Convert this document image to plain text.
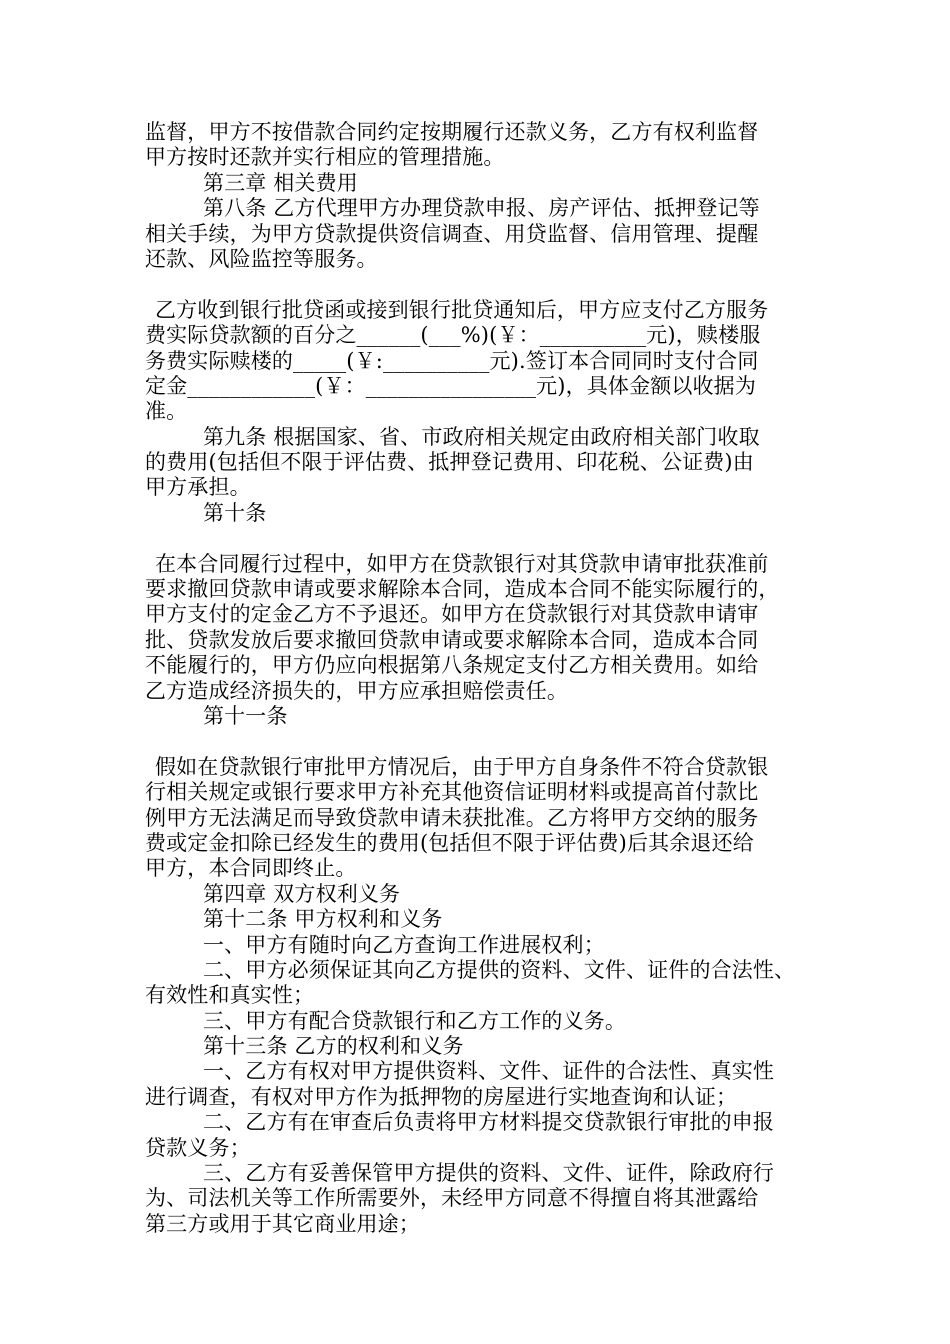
监督，甲方不按借款合同约定按期履行还款义务，乙方有权利监督
甲方按时还款并实行相应的管理措施。
第三章 相关费用
第八条 乙方代理甲方办理贷款申报、房产评估、抵押登记等
相关手续，为甲方贷款提供资信调查、用贷监督、信用管理、提醒
还款、风险监控等服务。
乙方收到银行批贷函或接到银行批贷通知后，甲方应支付乙方服务
费实际贷款额的百分之______(___%)(￥：__________元)，赎楼服
务费实际赎楼的_____(￥:__________元).签订本合同同时支付合同
定金____________(￥：________________元)，具体金额以收据为
准。
第九条 根据国家、省、市政府相关规定由政府相关部门收取
的费用(包括但不限于评估费、抵押登记费用、印花税、公证费)由
甲方承担。
第十条
在本合同履行过程中，如甲方在贷款银行对其贷款申请审批获准前
要求撤回贷款申请或要求解除本合同，造成本合同不能实际履行的，
甲方支付的定金乙方不予退还。如甲方在贷款银行对其贷款申请审
批、贷款发放后要求撤回贷款申请或要求解除本合同，造成本合同
不能履行的，甲方仍应向根据第八条规定支付乙方相关费用。如给
乙方造成经济损失的，甲方应承担赔偿责任。
第十一条
假如在贷款银行审批甲方情况后，由于甲方自身条件不符合贷款银
行相关规定或银行要求甲方补充其他资信证明材料或提高首付款比
例甲方无法满足而导致贷款申请未获批准。乙方将甲方交纳的服务
费或定金扣除已经发生的费用(包括但不限于评估费)后其余退还给
甲方，本合同即终止。
第四章 双方权利义务
第十二条 甲方权利和义务
一、甲方有随时向乙方查询工作进展权利；
二、甲方必须保证其向乙方提供的资料、文件、证件的合法性、
有效性和真实性；
三、甲方有配合贷款银行和乙方工作的义务。
第十三条 乙方的权利和义务
一、乙方有权对甲方提供资料、文件、证件的合法性、真实性
进行调查，有权对甲方作为抵押物的房屋进行实地查询和认证；
二、乙方有在审查后负责将甲方材料提交贷款银行审批的申报
贷款义务；
三、乙方有妥善保管甲方提供的资料、文件、证件，除政府行
为、司法机关等工作所需要外，未经甲方同意不得擅自将其泄露给
第三方或用于其它商业用途；
